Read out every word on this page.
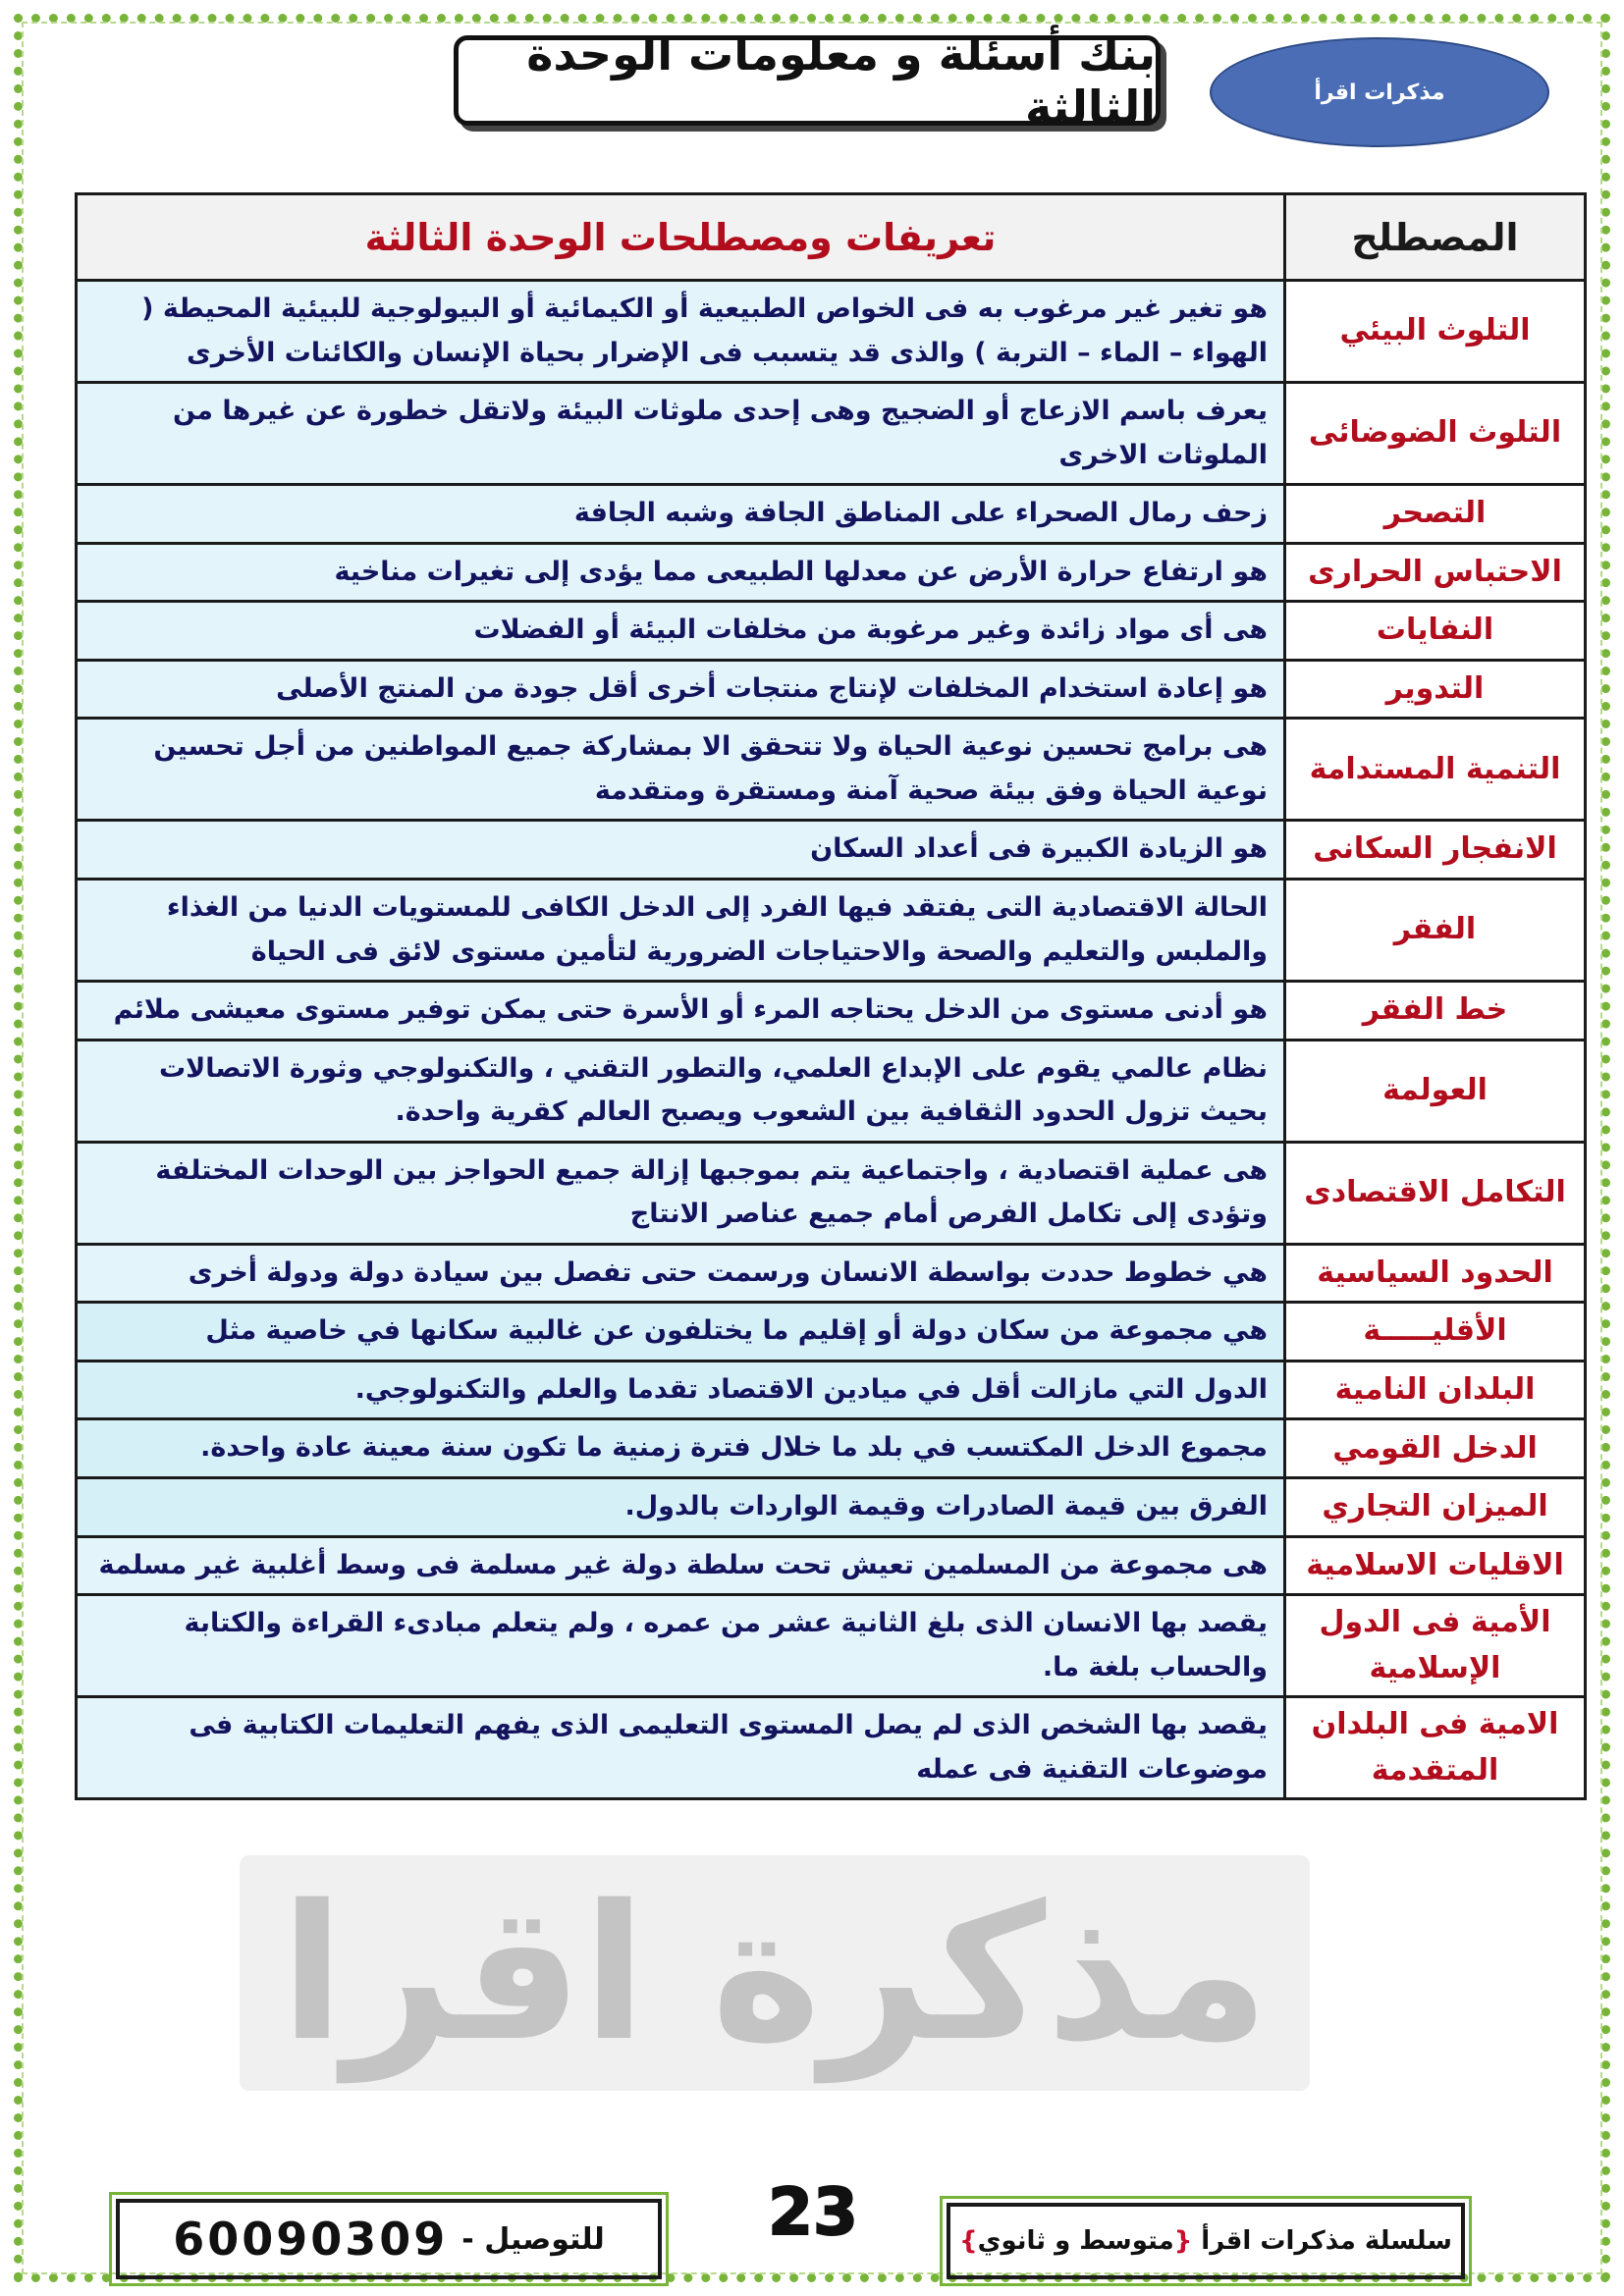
بنك أسئلة و معلومات الوحدة الثالثة	مذكرات اقرأ
مذكرة اقرا
المصطلح	تعريفات ومصطلحات الوحدة الثالثة
التلوث البيئي	هو تغير غير مرغوب به فى الخواص الطبيعية أو الكيمائية أو البيولوجية للبيئية المحيطة ( الهواء – الماء – التربة ) والذى قد يتسبب فى الإضرار بحياة الإنسان والكائنات الأخرى
التلوث الضوضائى	يعرف باسم الازعاج أو الضجيج وهى إحدى ملوثات البيئة ولاتقل خطورة عن غيرها من الملوثات الاخرى
التصحر	زحف رمال الصحراء على المناطق الجافة وشبه الجافة
الاحتباس الحرارى	هو ارتفاع حرارة الأرض عن معدلها الطبيعى مما يؤدى إلى تغيرات مناخية
النفايات	هى أى مواد زائدة وغير مرغوبة من مخلفات البيئة أو الفضلات
التدوير	هو إعادة استخدام المخلفات لإنتاج منتجات أخرى أقل جودة من المنتج الأصلى
التنمية المستدامة	هى برامج تحسين نوعية الحياة ولا تتحقق الا بمشاركة جميع المواطنين من أجل تحسين نوعية الحياة وفق بيئة صحية آمنة ومستقرة ومتقدمة
الانفجار السكانى	هو الزيادة الكبيرة فى أعداد السكان
الفقر	الحالة الاقتصادية التى يفتقد فيها الفرد إلى الدخل الكافى للمستويات الدنيا من الغذاء والملبس والتعليم والصحة والاحتياجات الضرورية لتأمين مستوى لائق فى الحياة
خط الفقر	هو أدنى مستوى من الدخل يحتاجه المرء أو الأسرة حتى يمكن توفير مستوى معيشى ملائم
العولمة	نظام عالمي يقوم على الإبداع العلمي، والتطور التقني ، والتكنولوجي وثورة الاتصالات بحيث تزول الحدود الثقافية بين الشعوب ويصبح العالم كقرية واحدة.
التكامل الاقتصادى	هى عملية اقتصادية ، واجتماعية يتم بموجبها إزالة جميع الحواجز بين الوحدات المختلفة وتؤدى إلى تكامل الفرص أمام جميع عناصر الانتاج
الحدود السياسية	هي خطوط حددت بواسطة الانسان ورسمت حتى تفصل بين سيادة دولة ودولة أخرى
الأقليـــــة	هي مجموعة من سكان دولة أو إقليم ما يختلفون عن غالبية سكانها في خاصية مثل
البلدان النامية	الدول التي مازالت أقل في ميادين الاقتصاد تقدما والعلم والتكنولوجي.
الدخل القومي	مجموع الدخل المكتسب في بلد ما خلال فترة زمنية ما تكون سنة معينة عادة واحدة.
الميزان التجاري	الفرق بين قيمة الصادرات وقيمة الواردات بالدول.
الاقليات الاسلامية	هى مجموعة من المسلمين تعيش تحت سلطة دولة غير مسلمة فى وسط أغلبية غير مسلمة
الأمية فى الدول الإسلامية	يقصد بها الانسان الذى بلغ الثانية عشر من عمره ، ولم يتعلم مبادىء القراءة والكتابة والحساب بلغة ما.
الامية فى البلدان المتقدمة	يقصد بها الشخص الذى لم يصل المستوى التعليمى الذى يفهم التعليمات الكتابية فى موضوعات التقنية فى عمله
سلسلة مذكرات اقرأ

{
متوسط و ثانوي
}
23
للتوصيل -
60090309
